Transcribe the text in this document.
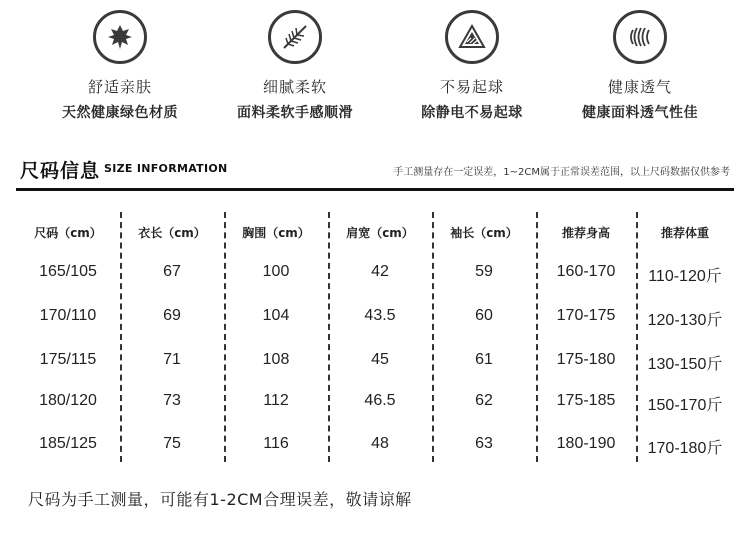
舒适亲肤
天然健康绿色材质
细腻柔软
面料柔软手感顺滑
不易起球
除静电不易起球
健康透气
健康面料透气性佳
尺码信息 SIZE INFORMATION	手工测量存在一定误差，1~2CM属于正常误差范围，以上尺码数据仅供参考
尺码（cm）
165/105
170/110
175/115
180/120
185/125
衣长（cm）
67
69
71
73
75
胸围（cm）
100
104
108
112
116
肩宽（cm）
42
43.5
45
46.5
48
袖长（cm）
59
60
61
62
63
推荐身高
160-170
170-175
175-180
175-185
180-190
推荐体重
110-120斤
120-130斤
130-150斤
150-170斤
170-180斤
尺码为手工测量，可能有1-2CM合理误差，敬请谅解
